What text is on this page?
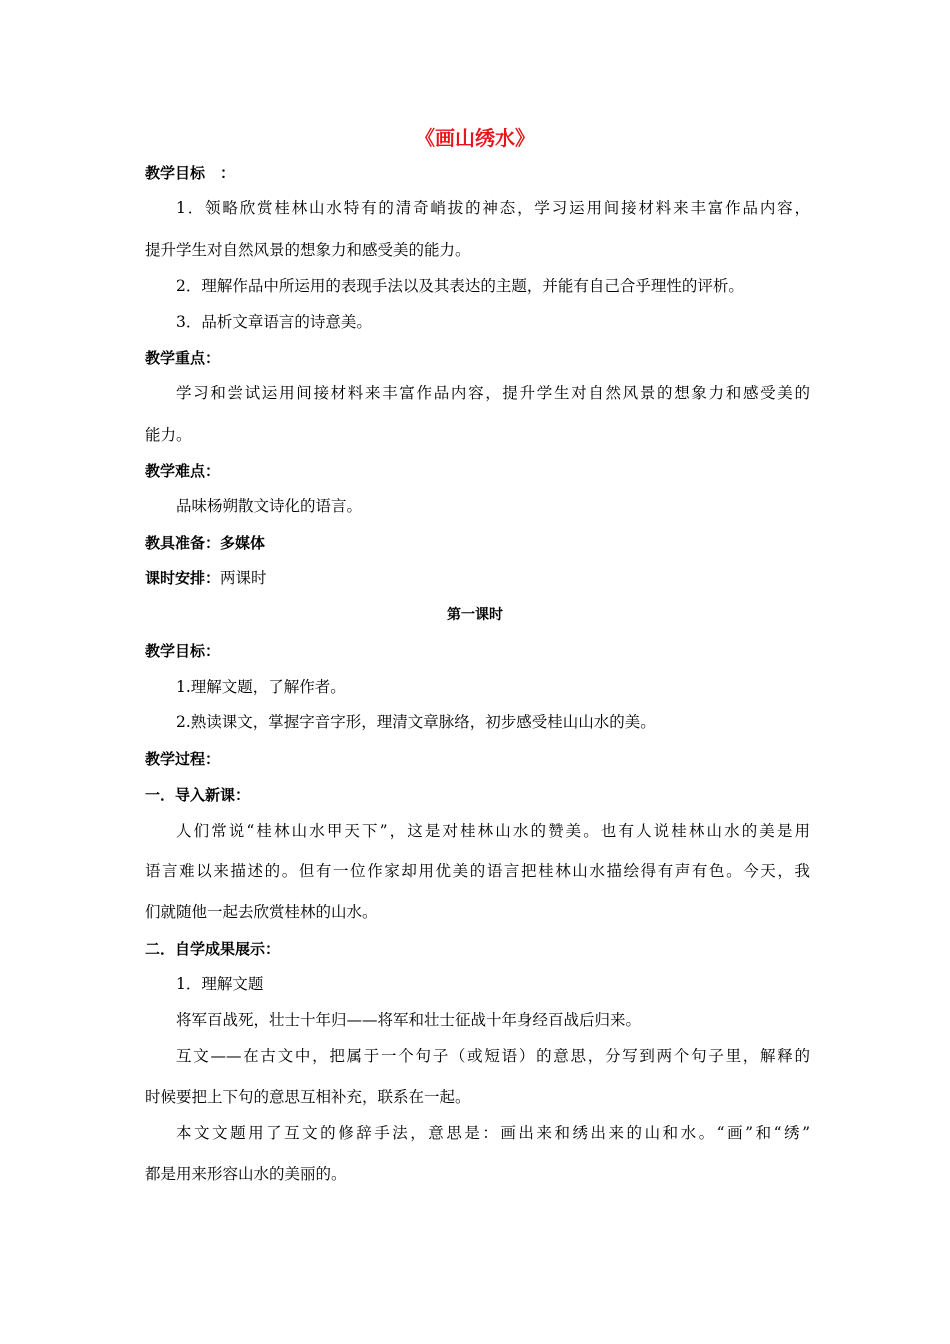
《画山绣水》
教学目标　：
1．领略欣赏桂林山水特有的清奇峭拔的神态，学习运用间接材料来丰富作品内容，
提升学生对自然风景的想象力和感受美的能力。
2．理解作品中所运用的表现手法以及其表达的主题，并能有自己合乎理性的评析。
3．品析文章语言的诗意美。
教学重点：
学习和尝试运用间接材料来丰富作品内容，提升学生对自然风景的想象力和感受美的
能力。
教学难点：
品味杨朔散文诗化的语言。
教具准备：多媒体
课时安排：两课时
第一课时
教学目标：
1.理解文题，了解作者。
2.熟读课文，掌握字音字形，理清文章脉络，初步感受桂山山水的美。
教学过程：
一．导入新课：
人们常说“桂林山水甲天下”，这是对桂林山水的赞美。也有人说桂林山水的美是用
语言难以来描述的。但有一位作家却用优美的语言把桂林山水描绘得有声有色。今天，我
们就随他一起去欣赏桂林的山水。
二．自学成果展示：
1．理解文题
将军百战死，壮士十年归——将军和壮士征战十年身经百战后归来。
互文——在古文中，把属于一个句子（或短语）的意思，分写到两个句子里，解释的
时候要把上下句的意思互相补充，联系在一起。
本文文题用了互文的修辞手法，意思是：画出来和绣出来的山和水。“画”和“绣”
都是用来形容山水的美丽的。
